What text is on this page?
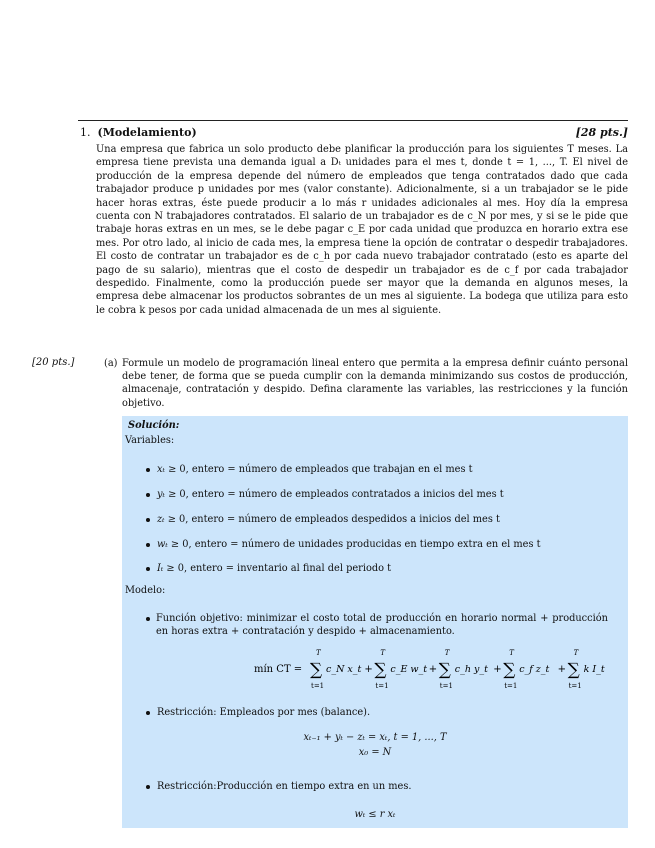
1. (Modelamiento)	[28 pts.]
Una empresa que fabrica un solo producto debe planificar la producción para los siguientes T meses. La empresa tiene prevista una demanda igual a Dₜ unidades para el mes t, donde t = 1, ..., T. El nivel de producción de la empresa depende del número de empleados que tenga contratados dado que cada trabajador produce p unidades por mes (valor constante). Adicionalmente, si a un trabajador se le pide hacer horas extras, éste puede producir a lo más r unidades adicionales al mes. Hoy día la empresa cuenta con N trabajadores contratados. El salario de un trabajador es de c_N por mes, y si se le pide que trabaje horas extras en un mes, se le debe pagar c_E por cada unidad que produzca en horario extra ese mes. Por otro lado, al inicio de cada mes, la empresa tiene la opción de contratar o despedir trabajadores. El costo de contratar un trabajador es de c_h por cada nuevo trabajador contratado (esto es aparte del pago de su salario), mientras que el costo de despedir un trabajador es de c_f por cada trabajador despedido. Finalmente, como la producción puede ser mayor que la demanda en algunos meses, la empresa debe almacenar los productos sobrantes de un mes al siguiente. La bodega que utiliza para esto le cobra k pesos por cada unidad almacenada de un mes al siguiente.
[20 pts.]	(a) Formule un modelo de programación lineal entero que permita a la empresa definir cuánto personal debe tener, de forma que se pueda cumplir con la demanda minimizando sus costos de producción, almacenaje, contratación y despido. Defina claramente las variables, las restricciones y la función objetivo.
Solución:
Variables:
xₜ ≥ 0, entero = número de empleados que trabajan en el mes t
yₜ ≥ 0, entero = número de empleados contratados a inicios del mes t
zₜ ≥ 0, entero = número de empleados despedidos a inicios del mes t
wₜ ≥ 0, entero = número de unidades producidas en tiempo extra en el mes t
Iₜ ≥ 0, entero = inventario al final del periodo t
Modelo:
Función objetivo: minimizar el costo total de producción en horario normal + producción en horas extra + contratación y despido + almacenamiento.
mín CT =
T
∑
t=1
c_N x_t +
T
∑
t=1
c_E w_t +
T
∑
t=1
c_h y_t +
T
∑
t=1
c_f z_t +
T
∑
t=1
k I_t
Restricción: Empleados por mes (balance).
xₜ₋₁ + yₜ − zₜ = xₜ, t = 1, ..., T
x₀ = N
Restricción:Producción en tiempo extra en un mes.
wₜ ≤ r xₜ
